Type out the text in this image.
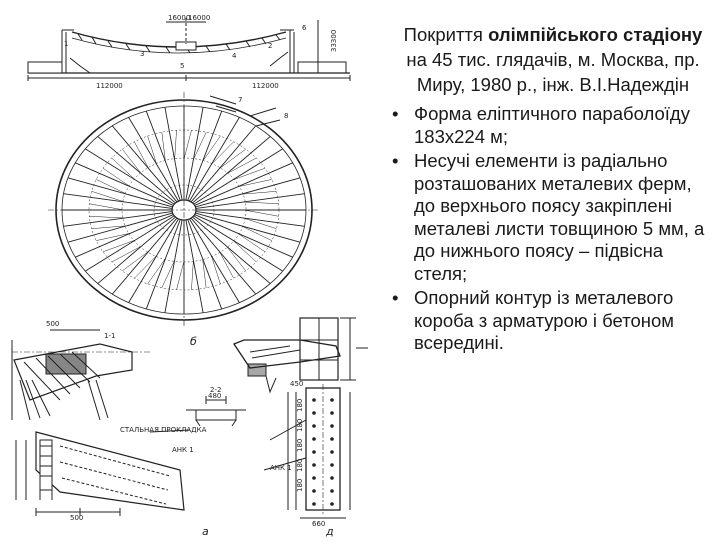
16000
16000
33300
112000	112000
б
1-1
2-2
СТАЛЬНАЯ ПРОКЛАДКА
500
500
450
480
660
а	д
АНК 1
АНК 1
180
180
180
180
180
1	2
3	4
5
6
7
8

Покриття олімпійського стадіону на 45 тис. глядачів, м. Москва, пр. Миру, 1980 р., інж. В.І.Надеждін

• Форма еліптичного параболоїду 183х224 м;
• Несучі елементи із радіально розташованих металевих ферм, до верхнього поясу закріплені металеві листи товщиною 5 мм, а до нижнього поясу – підвісна стеля;
• Опорний контур із металевого короба з арматурою і бетоном всередині.
